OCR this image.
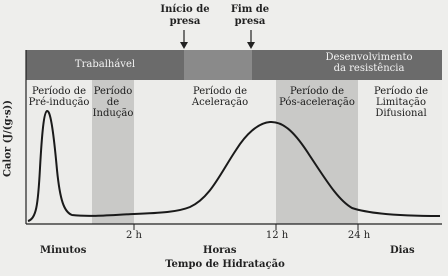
Início de
presa
Fim de
presa
Trabalhável
Desenvolvimento
da resistência
Período de
Pré-indução
Período de
Indução
Período de
Aceleração
Período de
Pós-aceleração
Período de
Limitação
Difusional
Calor (J/(g·s))
2 h	12 h	24 h
Minutos	Horas	Dias
Tempo de Hidratação
